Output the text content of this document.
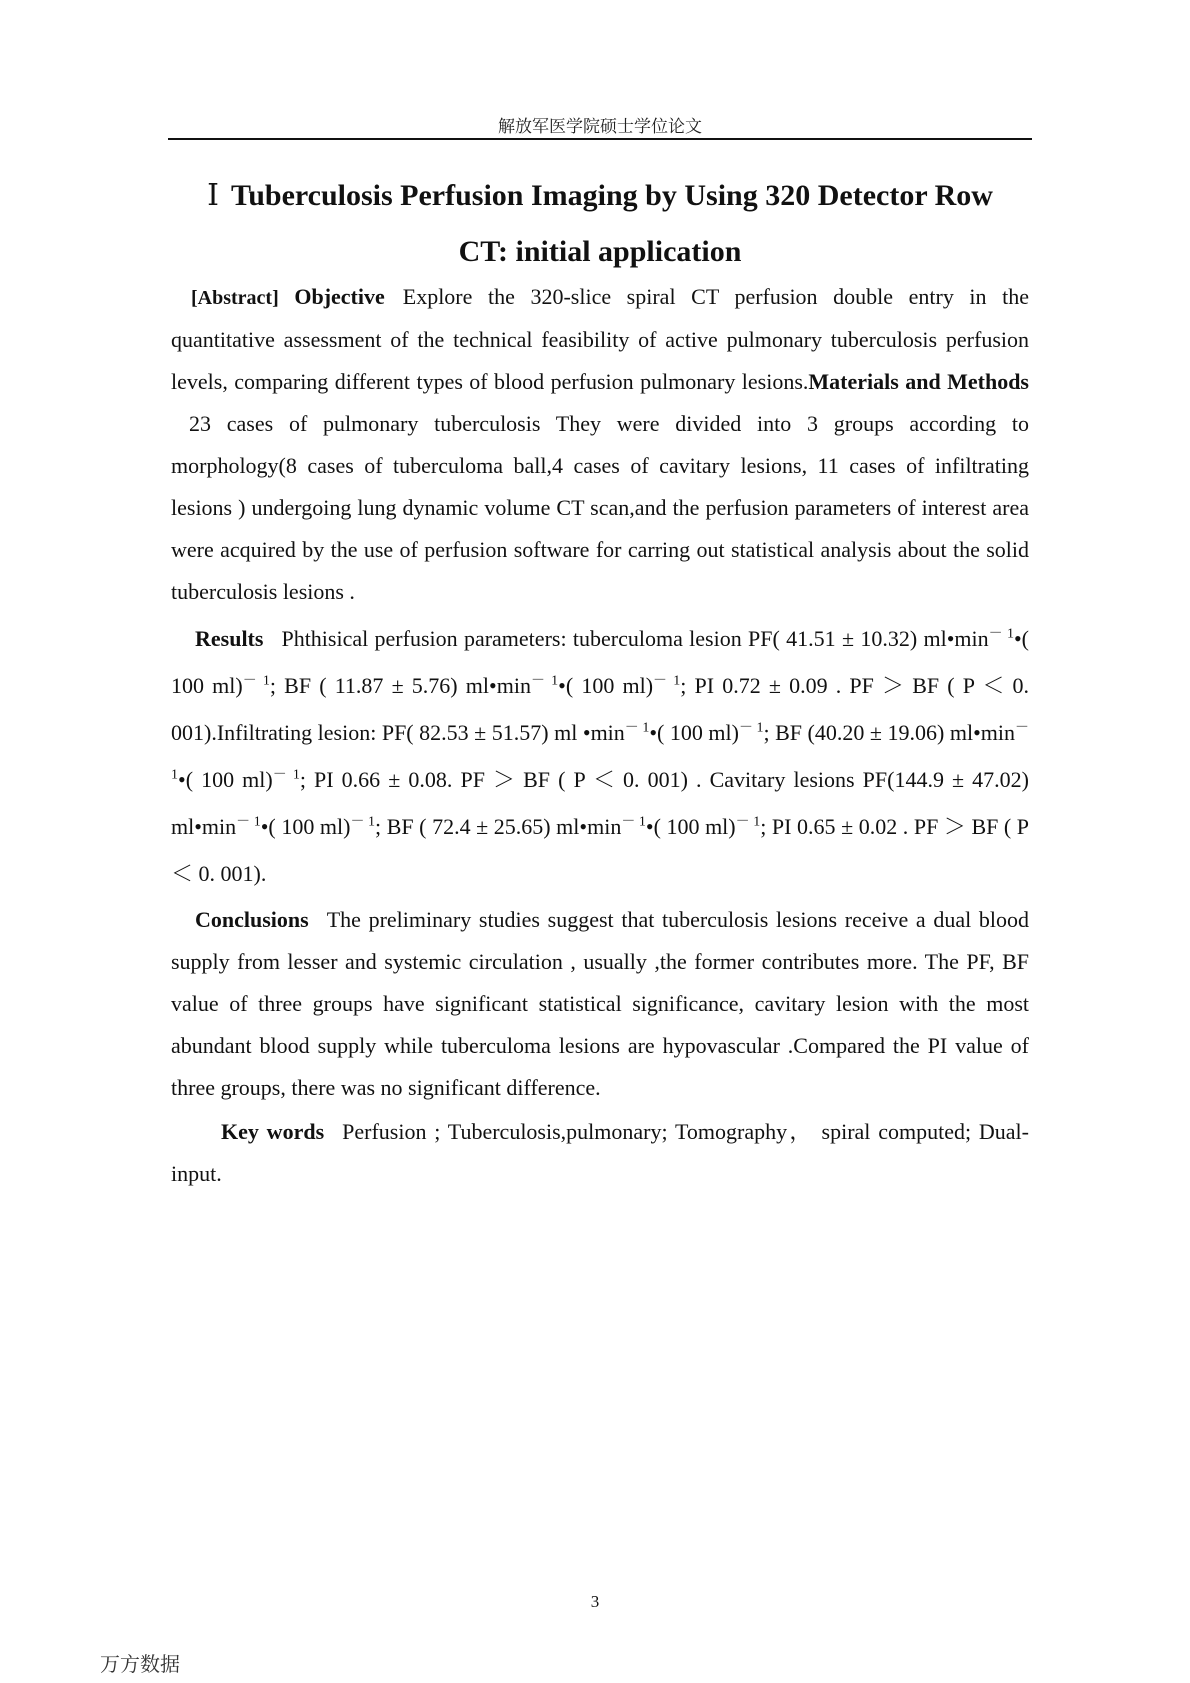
解放军医学院硕士学位论文
Ⅰ Tuberculosis Perfusion Imaging by Using 320 Detector Row
CT: initial application

[Abstract] Objective Explore the 320-slice spiral CT perfusion double entry in the quantitative assessment of the technical feasibility of active pulmonary tuberculosis perfusion levels, comparing different types of blood perfusion pulmonary lesions.Materials and Methods23 cases of pulmonary tuberculosis They were divided into 3 groups according to morphology(8 cases of tuberculoma ball,4 cases of cavitary lesions, 11 cases of infiltrating lesions ) undergoing lung dynamic volume CT scan,and the perfusion parameters of interest area were acquired by the use of perfusion software for carring out statistical analysis about the solid tuberculosis lesions .

Results Phthisical perfusion parameters: tuberculoma lesion PF( 41.51 ± 10.32) $ml•\min^{- 1}•$( 100 ml)$^{- 1}$; BF ( 11.87 ± 5.76) $ml•\min^{- 1}•$( 100 ml)$^{- 1}$; PI 0.72 ± 0.09 . PF ＞ BF ( P ＜ 0. 001).Infiltrating lesion: PF( 82.53 ± 51.57) ml $•\min^{- 1}•$( 100 ml)$^{- 1}$; BF (40.20 ± 19.06) $ml•\min^{- 1}•$( 100 ml)$^{- 1}$; PI 0.66 ± 0.08. PF ＞ BF ( P ＜ 0. 001) . Cavitary lesions PF(144.9 ± 47.02) $ml•\min^{- 1}•$( 100 ml)$^{- 1}$; BF ( 72.4 ± 25.65) $ml•\min^{- 1}•$( 100 ml)$^{- 1}$; PI 0.65 ± 0.02 . PF ＞ BF ( P ＜ 0. 001).

Conclusions The preliminary studies suggest that tuberculosis lesions receive a dual blood supply from lesser and systemic circulation , usually ,the former contributes more. The PF, BF value of three groups have significant statistical significance, cavitary lesion with the most abundant blood supply while tuberculoma lesions are hypovascular .Compared the PI value of three groups, there was no significant difference.

Key words Perfusion ; Tuberculosis,pulmonary; Tomography， spiral computed; Dual-input.

3
万方数据
